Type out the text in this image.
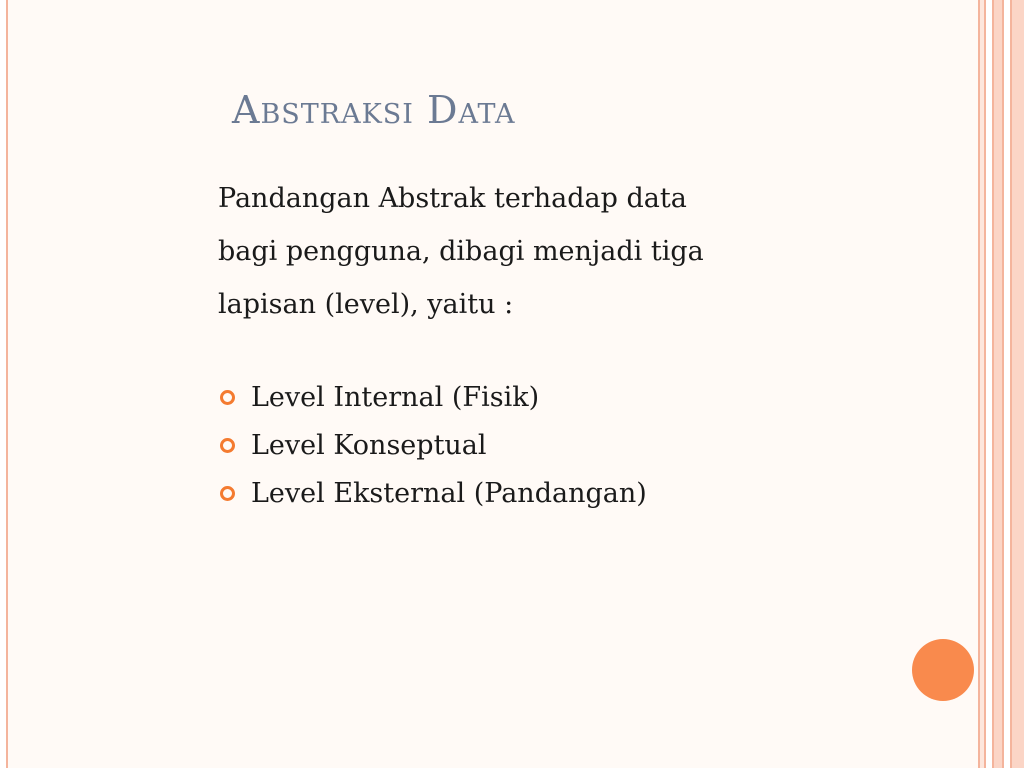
Abstraksi Data

Pandangan Abstrak terhadap data
bagi pengguna, dibagi menjadi tiga
lapisan (level), yaitu :

Level Internal (Fisik)
Level Konseptual
Level Eksternal (Pandangan)
